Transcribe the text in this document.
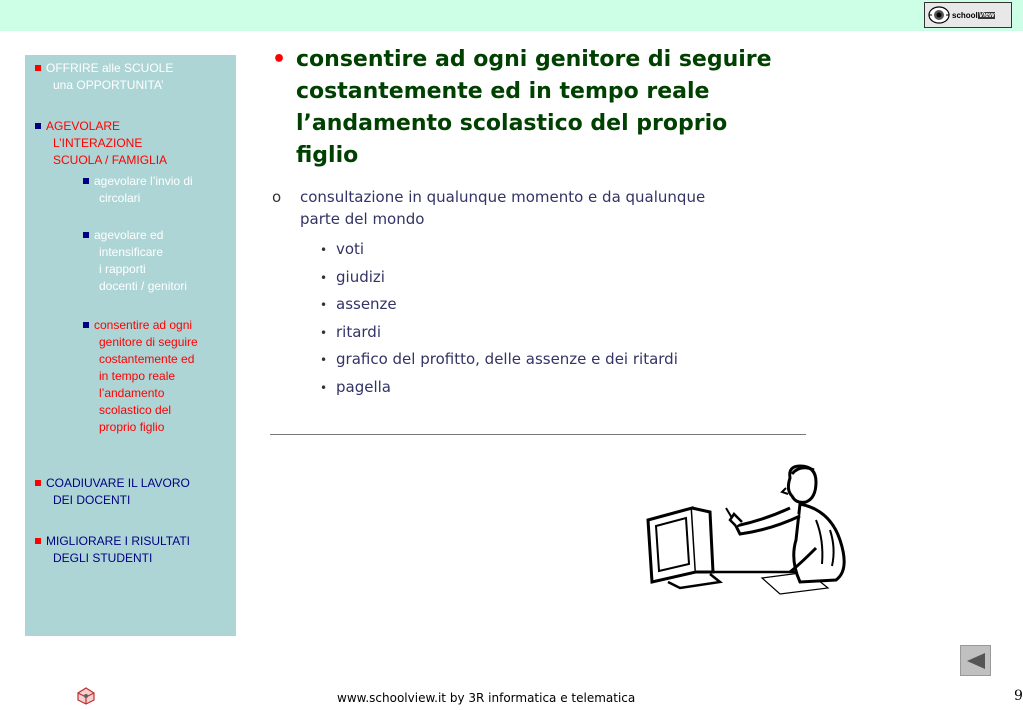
school View
OFFRIRE alle SCUOLE
una OPPORTUNITA’
AGEVOLARE
L’INTERAZIONE
SCUOLA / FAMIGLIA
agevolare l’invio di
circolari
agevolare ed
intensificare
i rapporti
docenti / genitori
consentire ad ogni
genitore di seguire
costantemente ed
in tempo reale
l’andamento
scolastico del
proprio figlio
COADIUVARE IL LAVORO
DEI DOCENTI
MIGLIORARE I RISULTATI
DEGLI STUDENTI
• consentire ad ogni genitore di seguire
costantemente ed in tempo reale
l’andamento scolastico del proprio
figlio
o	consultazione in qualunque momento e da qualunque
parte del mondo
• voti
• giudizi
• assenze
• ritardi
• grafico del profitto, delle assenze e dei ritardi
• pagella
www.schoolview.it by 3R informatica e telematica	9
